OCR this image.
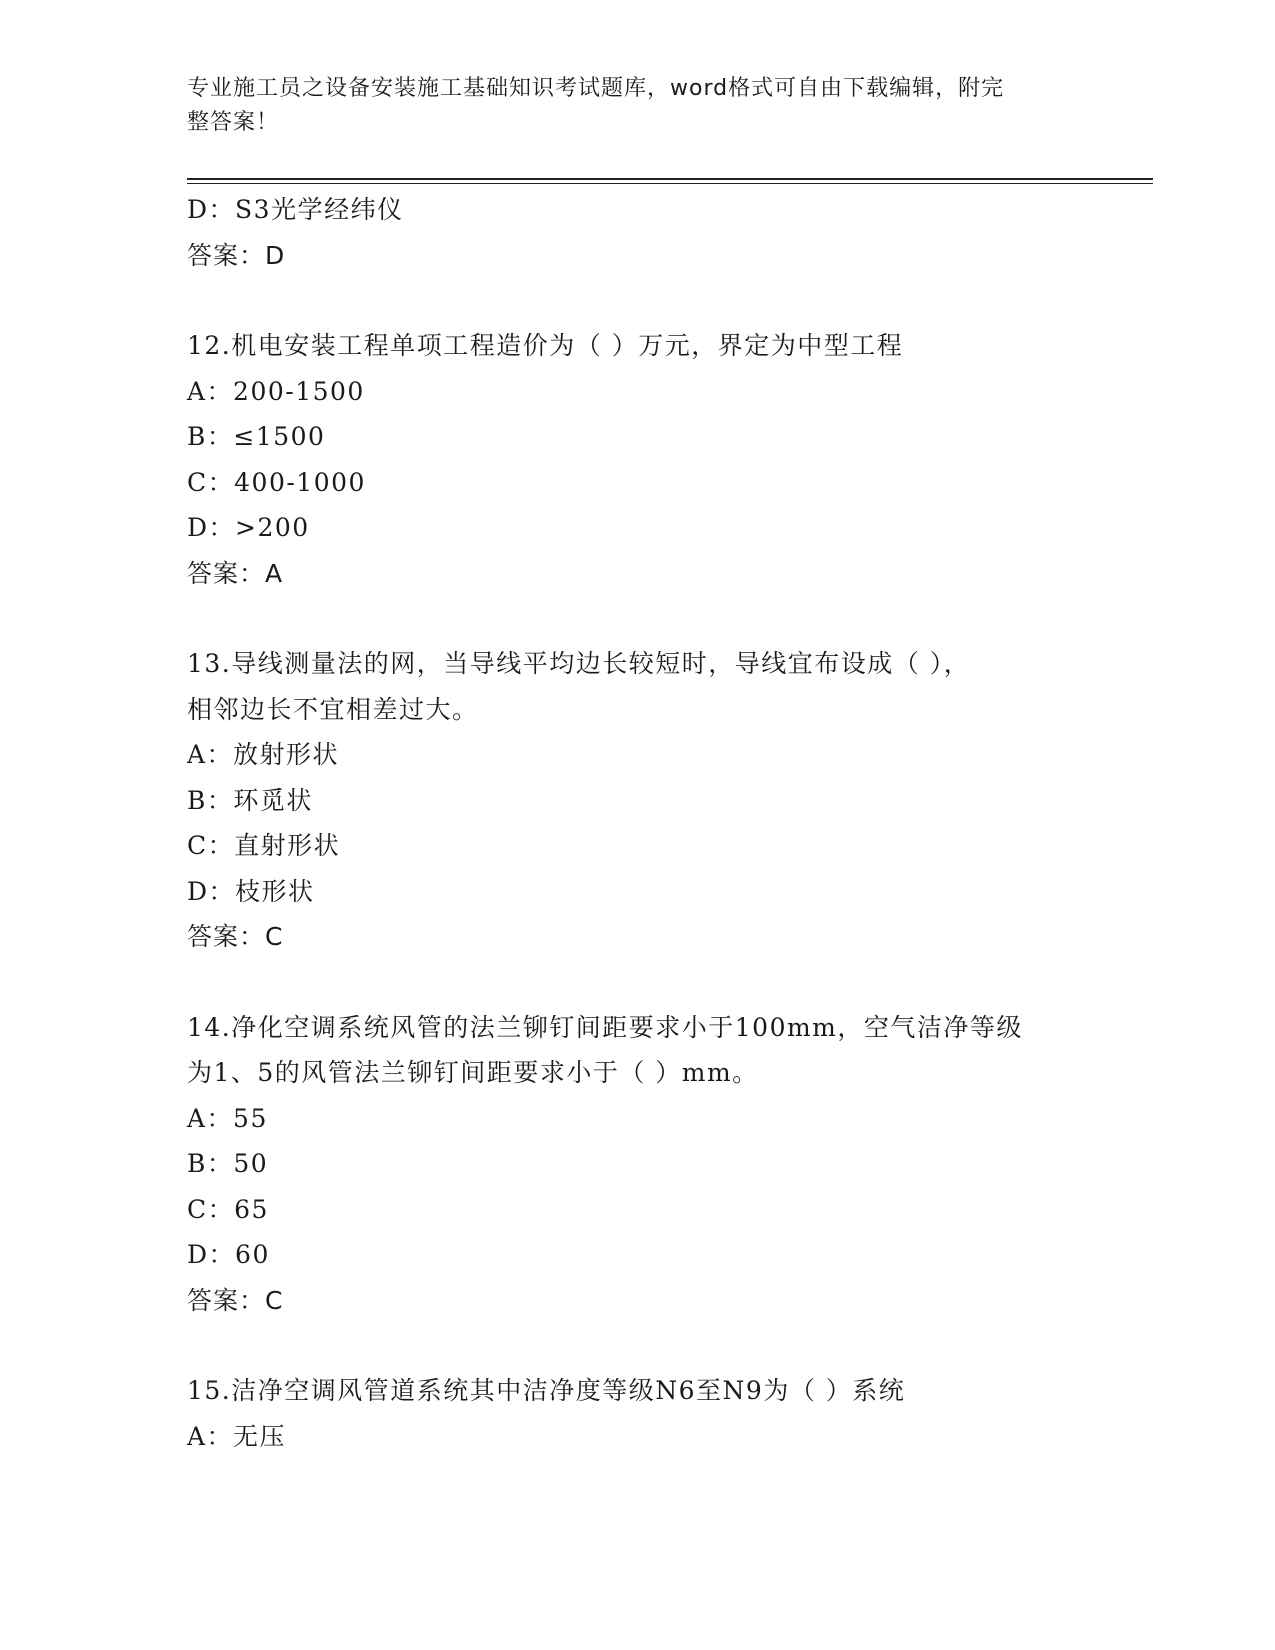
专业施工员之设备安装施工基础知识考试题库，word格式可自由下载编辑，附完
整答案！
D：S3光学经纬仪
答案：D
12.机电安装工程单项工程造价为（ ）万元，界定为中型工程
A：200-1500
B：≤1500
C：400-1000
D：>200
答案：A
13.导线测量法的网，当导线平均边长较短时，导线宜布设成（ ），
相邻边长不宜相差过大。
A：放射形状
B：环觅状
C：直射形状
D：枝形状
答案：C
14.净化空调系统风管的法兰铆钉间距要求小于100mm，空气洁净等级
为1、5的风管法兰铆钉间距要求小于（ ）mm。
A：55
B：50
C：65
D：60
答案：C
15.洁净空调风管道系统其中洁净度等级N6至N9为（ ）系统
A：无压
